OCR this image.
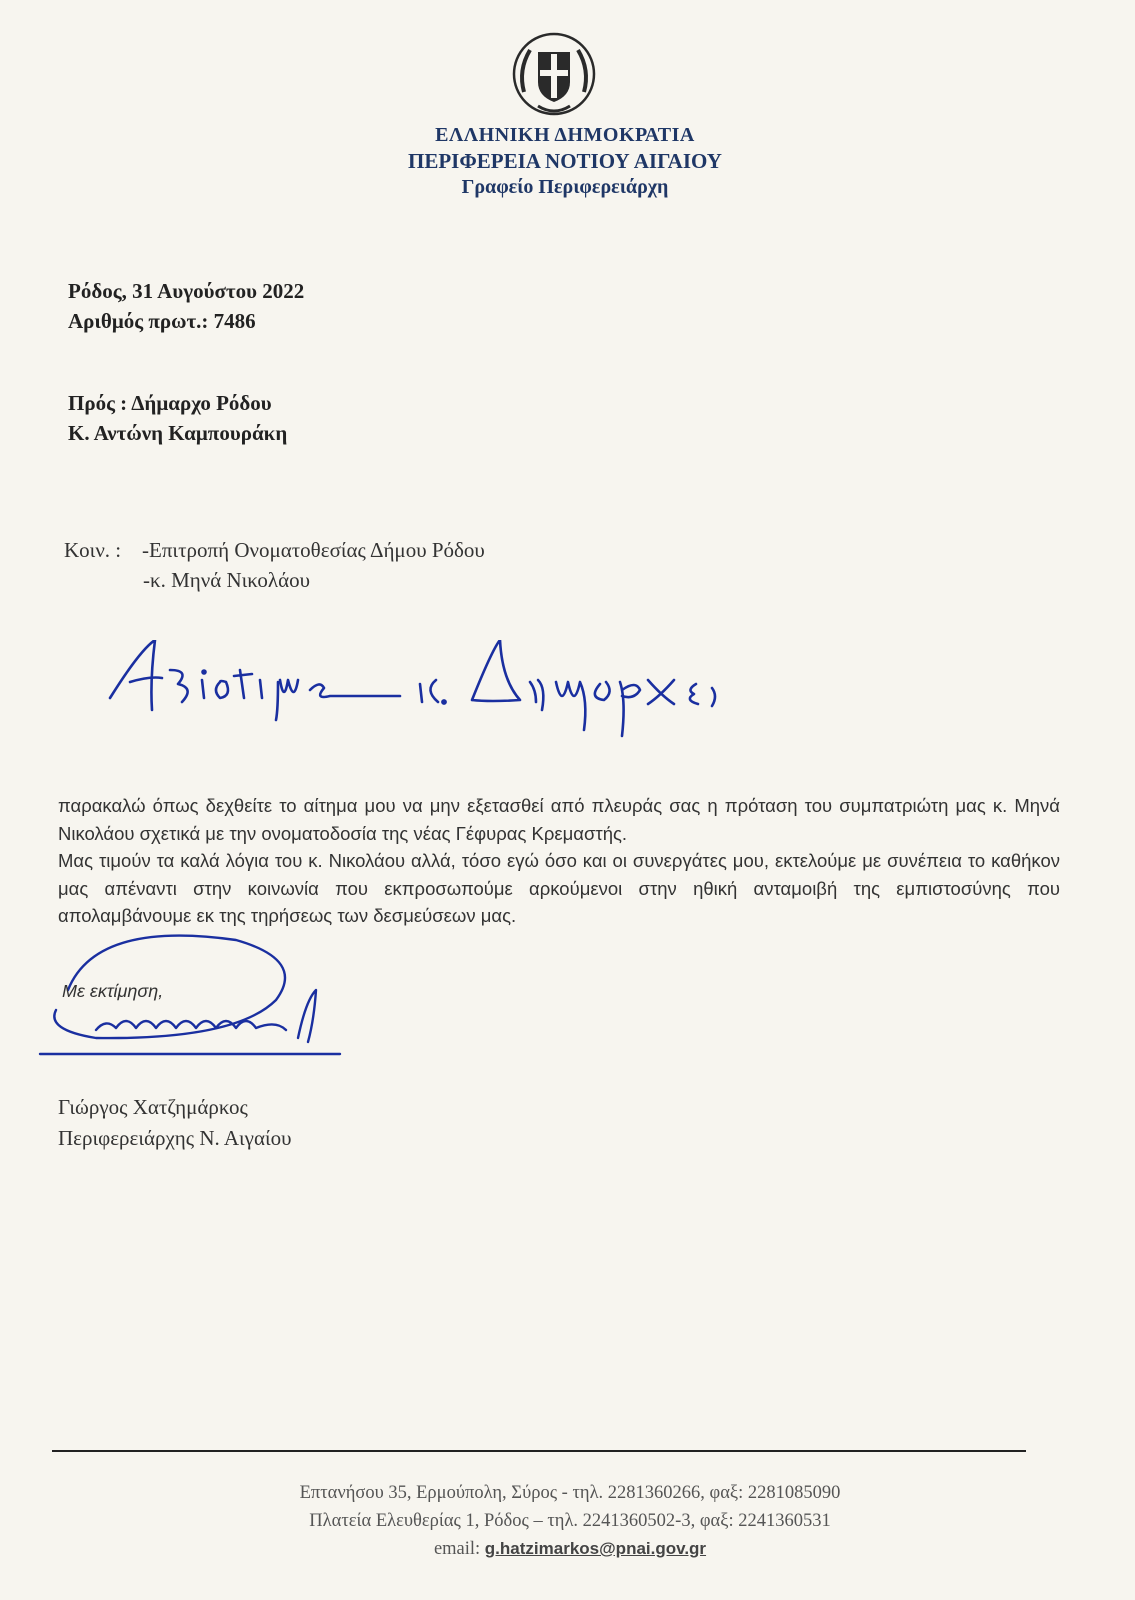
ΕΛΛΗΝΙΚΗ ΔΗΜΟΚΡΑΤΙΑ
ΠΕΡΙΦΕΡΕΙΑ ΝΟΤΙΟΥ ΑΙΓΑΙΟΥ
Γραφείο Περιφερειάρχη
Ρόδος, 31 Αυγούστου 2022
Αριθμός πρωτ.: 7486
Πρός : Δήμαρχο Ρόδου
Κ. Αντώνη Καμπουράκη
Κοιν. : -Επιτροπή Ονοματοθεσίας Δήμου Ρόδου
-κ. Μηνά Νικολάου
παρακαλώ όπως δεχθείτε το αίτημα μου να μην εξετασθεί από πλευράς σας η πρόταση του συμπατριώτη μας κ. Μηνά Νικολάου σχετικά με την ονοματοδοσία της νέας Γέφυρας Κρεμαστής.
Μας τιμούν τα καλά λόγια του κ. Νικολάου αλλά, τόσο εγώ όσο και οι συνεργάτες μου, εκτελούμε με συνέπεια το καθήκον μας απέναντι στην κοινωνία που εκπροσωπούμε αρκούμενοι στην ηθική ανταμοιβή της εμπιστοσύνης που απολαμβάνουμε εκ της τηρήσεως των δεσμεύσεων μας.
Με εκτίμηση,
Γιώργος Χατζημάρκος
Περιφερειάρχης Ν. Αιγαίου
Επτανήσου 35, Ερμούπολη, Σύρος - τηλ. 2281360266, φαξ: 2281085090
Πλατεία Ελευθερίας 1, Ρόδος – τηλ. 2241360502-3, φαξ: 2241360531
email: g.hatzimarkos@pnai.gov.gr
